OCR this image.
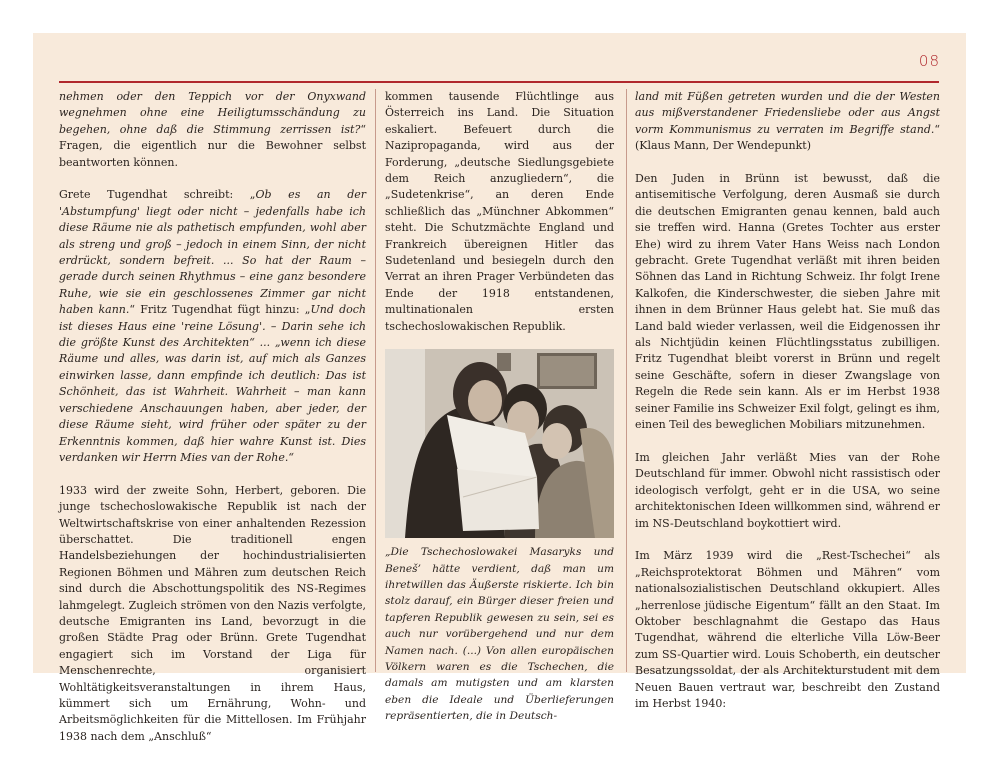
08

nehmen oder den Teppich vor der Onyxwand wegnehmen ohne eine Heiligtumsschändung zu begehen, ohne daß die Stimmung zerrissen ist?“ Fragen, die eigentlich nur die Bewohner selbst beantworten können.

Grete Tugendhat schreibt: „Ob es an der 'Abstumpfung' liegt oder nicht – jedenfalls habe ich diese Räume nie als pathetisch empfunden, wohl aber als streng und groß – jedoch in einem Sinn, der nicht erdrückt, sondern befreit. ... So hat der Raum – gerade durch seinen Rhythmus – eine ganz besondere Ruhe, wie sie ein geschlossenes Zimmer gar nicht haben kann.“ Fritz Tugendhat fügt hinzu: „Und doch ist dieses Haus eine 'reine Lösung'. – Darin sehe ich die größte Kunst des Architekten“ ... „wenn ich diese Räume und alles, was darin ist, auf mich als Ganzes einwirken lasse, dann empfinde ich deutlich: Das ist Schönheit, das ist Wahrheit. Wahrheit – man kann verschiedene Anschauungen haben, aber jeder, der diese Räume sieht, wird früher oder später zu der Erkenntnis kommen, daß hier wahre Kunst ist. Dies verdanken wir Herrn Mies van der Rohe.“

1933 wird der zweite Sohn, Herbert, geboren. Die junge tschechoslowakische Republik ist nach der Weltwirtschaftskrise von einer anhaltenden Rezession überschattet. Die traditionell engen Handelsbeziehungen der hochindustrialisierten Regionen Böhmen und Mähren zum deutschen Reich sind durch die Abschottungspolitik des NS-Regimes lahmgelegt. Zugleich strömen von den Nazis verfolgte, deutsche Emigranten ins Land, bevorzugt in die großen Städte Prag oder Brünn. Grete Tugendhat engagiert sich im Vorstand der Liga für Menschenrechte, organisiert Wohltätigkeitsveranstaltungen in ihrem Haus, kümmert sich um Ernährung, Wohn- und Arbeitsmöglichkeiten für die Mittellosen. Im Frühjahr 1938 nach dem „Anschluß“

kommen tausende Flüchtlinge aus Österreich ins Land. Die Situation eskaliert. Befeuert durch die Nazipropaganda, wird aus der Forderung, „deutsche Siedlungsgebiete dem Reich anzugliedern“, die „Sudetenkrise“, an deren Ende schließlich das „Münchner Abkommen“ steht. Die Schutzmächte England und Frankreich übereignen Hitler das Sudetenland und besiegeln durch den Verrat an ihren Prager Verbündeten das Ende der 1918 entstandenen, multinationalen ersten tschechoslowakischen Republik.

„Die Tschechoslowakei Masaryks und Beneš’ hätte verdient, daß man um ihretwillen das Äußerste riskierte. Ich bin stolz darauf, ein Bürger dieser freien und tapferen Republik gewesen zu sein, sei es auch nur vorübergehend und nur dem Namen nach. (...) Von allen europäischen Völkern waren es die Tschechen, die damals am mutigsten und am klarsten eben die Ideale und Überlieferungen repräsentierten, die in Deutsch-

land mit Füßen getreten wurden und die der Westen aus mißverstandener Friedensliebe oder aus Angst vorm Kommunismus zu verraten im Begriffe stand.“ (Klaus Mann, Der Wendepunkt)

Den Juden in Brünn ist bewusst, daß die antisemitische Verfolgung, deren Ausmaß sie durch die deutschen Emigranten genau kennen, bald auch sie treffen wird. Hanna (Gretes Tochter aus erster Ehe) wird zu ihrem Vater Hans Weiss nach London gebracht. Grete Tugendhat verläßt mit ihren beiden Söhnen das Land in Richtung Schweiz. Ihr folgt Irene Kalkofen, die Kinderschwester, die sieben Jahre mit ihnen in dem Brünner Haus gelebt hat. Sie muß das Land bald wieder verlassen, weil die Eidgenossen ihr als Nichtjüdin keinen Flüchtlingsstatus zubilligen. Fritz Tugendhat bleibt vorerst in Brünn und regelt seine Geschäfte, sofern in dieser Zwangslage von Regeln die Rede sein kann. Als er im Herbst 1938 seiner Familie ins Schweizer Exil folgt, gelingt es ihm, einen Teil des beweglichen Mobiliars mitzunehmen.

Im gleichen Jahr verläßt Mies van der Rohe Deutschland für immer. Obwohl nicht rassistisch oder ideologisch verfolgt, geht er in die USA, wo seine architektonischen Ideen willkommen sind, während er im NS-Deutschland boykottiert wird.

Im März 1939 wird die „Rest-Tschechei“ als „Reichsprotektorat Böhmen und Mähren“ vom nationalsozialistischen Deutschland okkupiert. Alles „herrenlose jüdische Eigentum“ fällt an den Staat. Im Oktober beschlagnahmt die Gestapo das Haus Tugendhat, während die elterliche Villa Löw-Beer zum SS-Quartier wird. Louis Schoberth, ein deutscher Besatzungssoldat, der als Architekturstudent mit dem Neuen Bauen vertraut war, beschreibt den Zustand im Herbst 1940:
